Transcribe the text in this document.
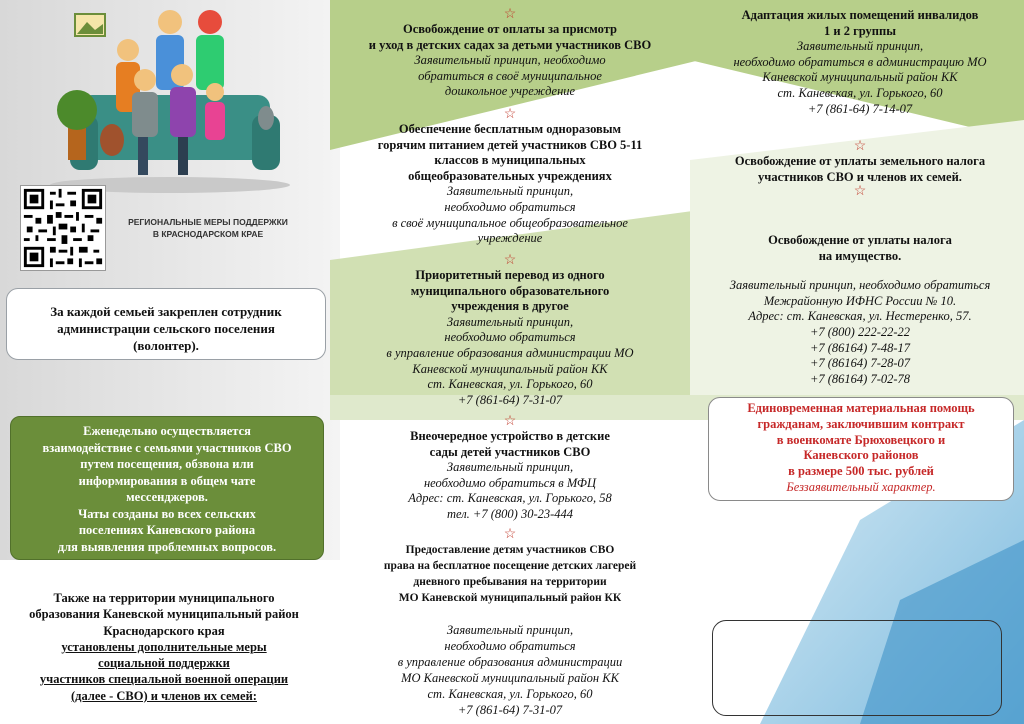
РЕГИОНАЛЬНЫЕ МЕРЫ ПОДДЕРЖКИ
В КРАСНОДАРСКОМ КРАЕ
За каждой семьей закреплен сотрудник
администрации сельского поселения
(волонтер).
Еженедельно осуществляется
взаимодействие с семьями участников СВО
путем посещения, обзвона или
информирования в общем чате
мессенджеров.
Чаты созданы во всех сельских
поселениях Каневского района
для выявления проблемных вопросов.
Также на территории муниципального
образования Каневской муниципальный район
Краснодарского края
установлены дополнительные меры
социальной поддержки
участников специальной военной операции
(далее - СВО) и членов их семей:
☆
Освобождение от оплаты за присмотр
и уход в детских садах за детьми участников СВО
Заявительный принцип, необходимо
обратиться в своё муниципальное
дошкольное учреждение
☆
Обеспечение бесплатным одноразовым
горячим питанием детей участников СВО 5-11
классов в муниципальных
общеобразовательных учреждениях
Заявительный принцип,
необходимо обратиться
в своё муниципальное общеобразовательное
учреждение
☆
Приоритетный перевод из одного
муниципального образовательного
учреждения в другое
Заявительный принцип,
необходимо обратиться
в управление образования администрации МО
Каневской муниципальный район КК
ст. Каневская, ул. Горького, 60
+7 (861-64) 7-31-07
☆
Внеочередное устройство в детские
сады детей участников СВО
Заявительный принцип,
необходимо обратиться в МФЦ
Адрес: ст. Каневская, ул. Горького, 58
тел. +7 (800) 30-23-444
☆
Предоставление детям участников СВО
права на бесплатное посещение детских лагерей
дневного пребывания на территории
МО Каневской муниципальный район КК
Заявительный принцип,
необходимо обратиться
в управление образования администрации
МО Каневской муниципальный район КК
ст. Каневская, ул. Горького, 60
+7 (861-64) 7-31-07
Адаптация жилых помещений инвалидов
1 и 2 группы
Заявительный принцип,
необходимо обратиться в администрацию МО
Каневской муниципальный район КК
ст. Каневская, ул. Горького, 60
+7 (861-64) 7-14-07
☆
Освобождение от уплаты земельного налога
участников СВО и членов их семей.
☆
Освобождение от уплаты налога
на имущество.
Заявительный принцип, необходимо обратиться
Межрайонную ИФНС России № 10.
Адрес: ст. Каневская, ул. Нестеренко, 57.
+7 (800) 222-22-22
+7 (86164) 7-48-17
+7 (86164) 7-28-07
+7 (86164) 7-02-78
Единовременная материальная помощь
гражданам, заключившим контракт
в военкомате Брюховецкого и
Каневского районов
в размере 500 тыс. рублей
Беззаявительный характер.
